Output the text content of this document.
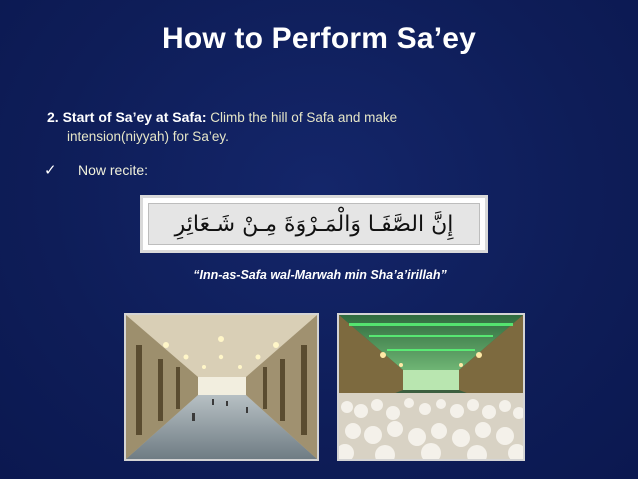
How to Perform Sa’ey
2. Start of Sa’ey at Safa: Climb the hill of Safa and make
intension(niyyah) for Sa’ey.
✓ Now recite:
إِنَّ الصَّفَـا وَالْمَـرْوَةَ مِـنْ شَـعَائِرِ
“Inn-as-Safa wal-Marwah min Sha’a’irillah”
